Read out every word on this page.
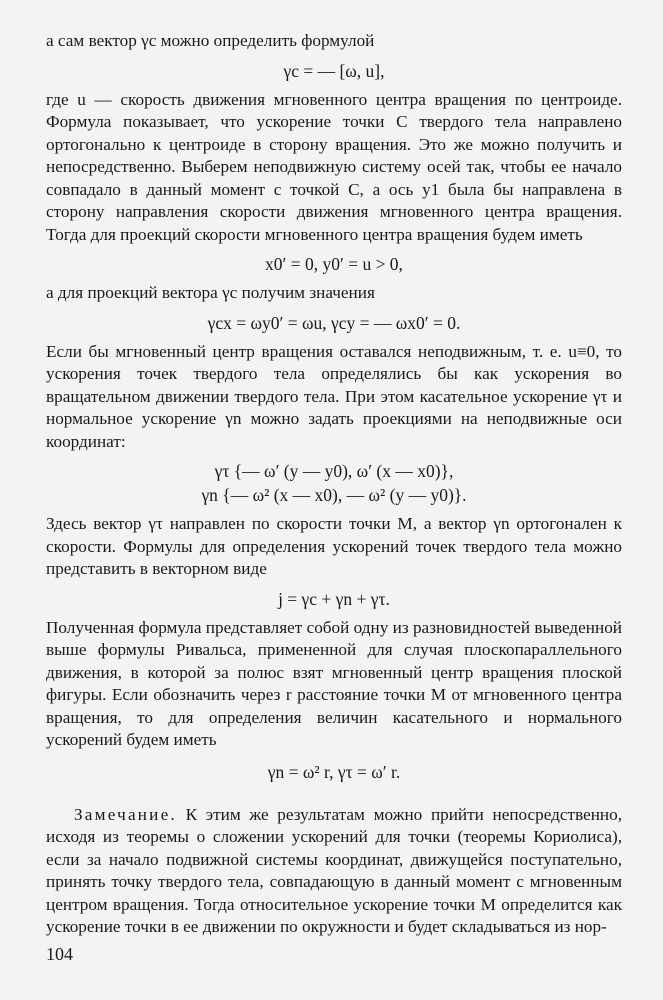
а сам вектор γc можно определить формулой

γc = — [ω, u],

где u — скорость движения мгновенного центра вращения по центроиде. Формула показывает, что ускорение точки C твердого тела направлено ортогонально к центроиде в сторону вращения. Это же можно получить и непосредственно. Выберем неподвижную систему осей так, чтобы ее начало совпадало в данный момент с точкой C, а ось y1 была бы направлена в сторону направления скорости движения мгновенного центра вращения. Тогда для проекций скорости мгновенного центра вращения будем иметь

x0′ = 0, y0′ = u > 0,

а для проекций вектора γc получим значения

γcx = ωy0′ = ωu, γcy = — ωx0′ = 0.

Если бы мгновенный центр вращения оставался неподвижным, т. е. u≡0, то ускорения точек твердого тела определялись бы как ускорения во вращательном движении твердого тела. При этом касательное ускорение γτ и нормальное ускорение γn можно задать проекциями на неподвижные оси координат:

γτ {— ω′ (y — y0), ω′ (x — x0)},
γn {— ω² (x — x0), — ω² (y — y0)}.

Здесь вектор γτ направлен по скорости точки M, а вектор γn ортогонален к скорости. Формулы для определения ускорений точек твердого тела можно представить в векторном виде

j = γc + γn + γτ.

Полученная формула представляет собой одну из разновидностей выведенной выше формулы Ривальса, примененной для случая плоскопараллельного движения, в которой за полюс взят мгновенный центр вращения плоской фигуры. Если обозначить через r расстояние точки M от мгновенного центра вращения, то для определения величин касательного и нормального ускорений будем иметь

γn = ω² r, γτ = ω′ r.

Замечание. К этим же результатам можно прийти непосредственно, исходя из теоремы о сложении ускорений для точки (теоремы Кориолиса), если за начало подвижной системы координат, движущейся поступательно, принять точку твердого тела, совпадающую в данный момент с мгновенным центром вращения. Тогда относительное ускорение точки M определится как ускорение точки в ее движении по окружности и будет складываться из нор-

104
